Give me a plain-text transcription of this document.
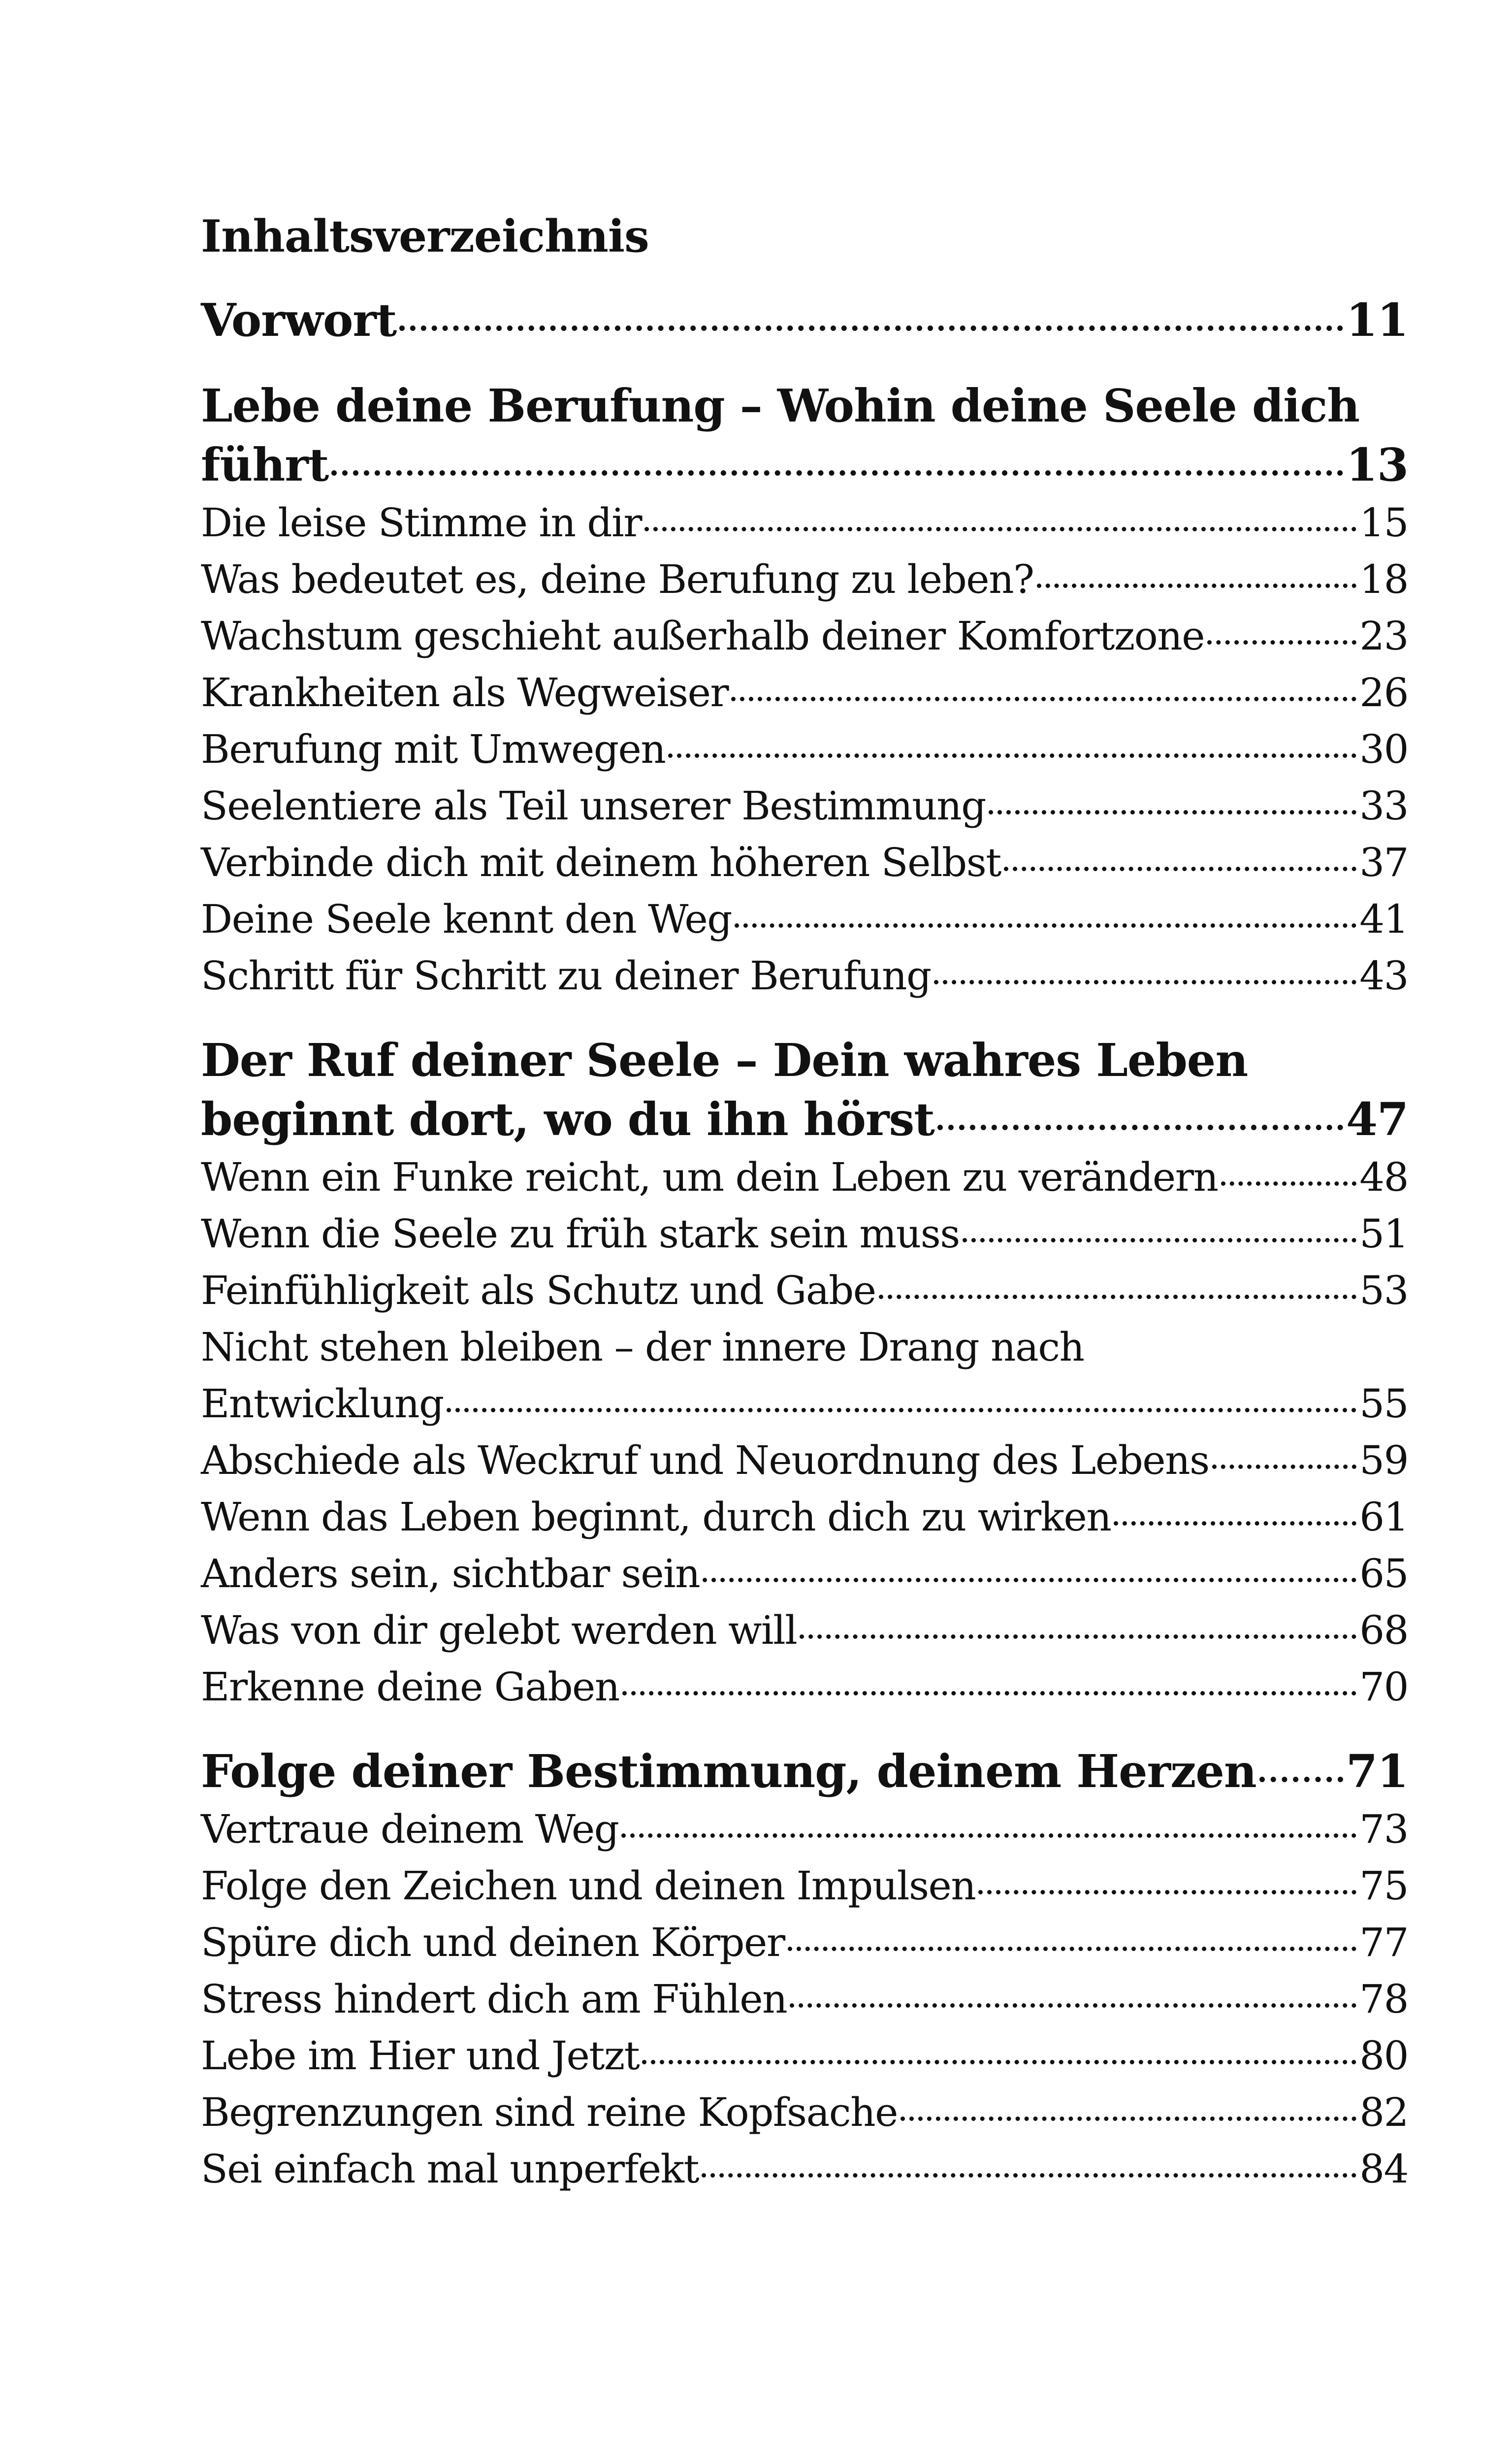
Inhaltsverzeichnis
Vorwort	11
Lebe deine Berufung – Wohin deine Seele dich
führt	13
Die leise Stimme in dir	15
Was bedeutet es, deine Berufung zu leben?	18
Wachstum geschieht außerhalb deiner Komfortzone	23
Krankheiten als Wegweiser	26
Berufung mit Umwegen	30
Seelentiere als Teil unserer Bestimmung	33
Verbinde dich mit deinem höheren Selbst	37
Deine Seele kennt den Weg	41
Schritt für Schritt zu deiner Berufung	43
Der Ruf deiner Seele – Dein wahres Leben
beginnt dort, wo du ihn hörst	47
Wenn ein Funke reicht, um dein Leben zu verändern	48
Wenn die Seele zu früh stark sein muss	51
Feinfühligkeit als Schutz und Gabe	53
Nicht stehen bleiben – der innere Drang nach
Entwicklung	55
Abschiede als Weckruf und Neuordnung des Lebens	59
Wenn das Leben beginnt, durch dich zu wirken	61
Anders sein, sichtbar sein	65
Was von dir gelebt werden will	68
Erkenne deine Gaben	70
Folge deiner Bestimmung, deinem Herzen 71
Vertraue deinem Weg	73
Folge den Zeichen und deinen Impulsen	75
Spüre dich und deinen Körper	77
Stress hindert dich am Fühlen	78
Lebe im Hier und Jetzt	80
Begrenzungen sind reine Kopfsache	82
Sei einfach mal unperfekt	84
